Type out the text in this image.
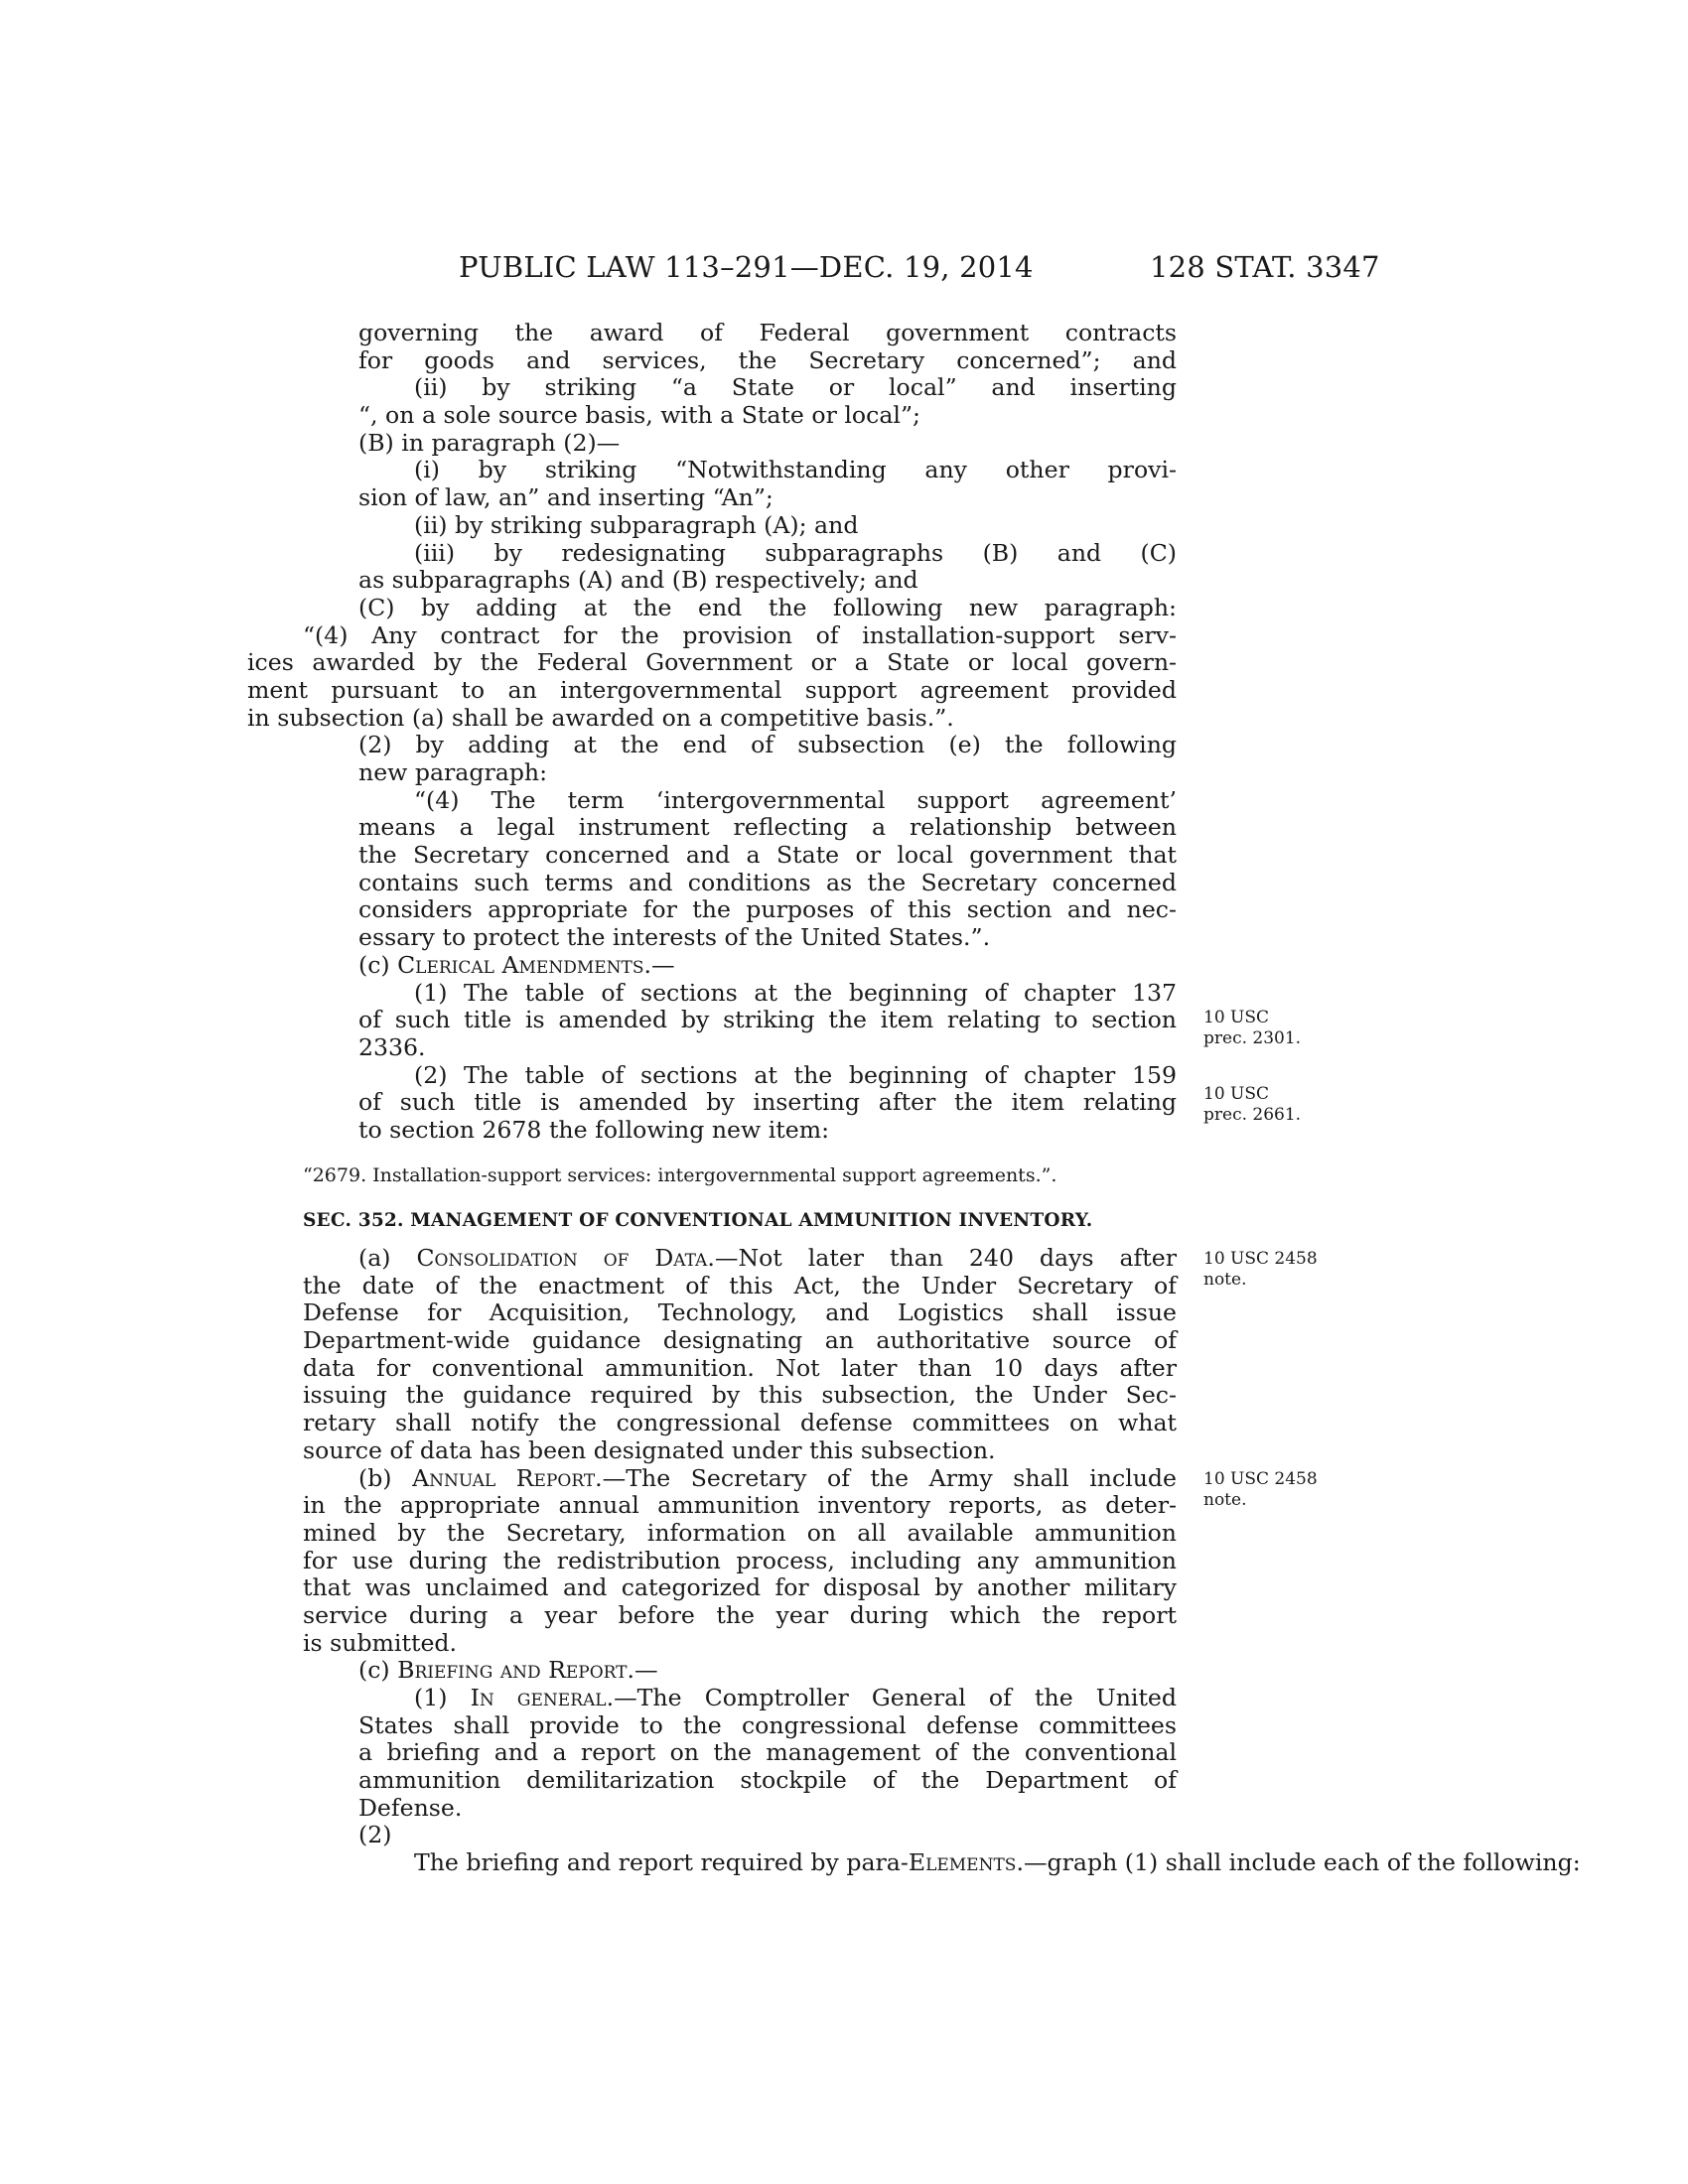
PUBLIC LAW 113–291—DEC. 19, 2014	128 STAT. 3347
governing the award of Federal government contracts
for goods and services, the Secretary concerned”; and
(ii) by striking “a State or local” and inserting
“, on a sole source basis, with a State or local”;
(B) in paragraph (2)—
(i) by striking “Notwithstanding any other provi-
sion of law, an” and inserting “An”;
(ii) by striking subparagraph (A); and
(iii) by redesignating subparagraphs (B) and (C)
as subparagraphs (A) and (B) respectively; and
(C) by adding at the end the following new paragraph:
“(4) Any contract for the provision of installation-support serv-
ices awarded by the Federal Government or a State or local govern-
ment pursuant to an intergovernmental support agreement provided
in subsection (a) shall be awarded on a competitive basis.”.
(2) by adding at the end of subsection (e) the following
new paragraph:
“(4) The term ‘intergovernmental support agreement’
means a legal instrument reflecting a relationship between
the Secretary concerned and a State or local government that
contains such terms and conditions as the Secretary concerned
considers appropriate for the purposes of this section and nec-
essary to protect the interests of the United States.”.
(c) Clerical Amendments.—
(1) The table of sections at the beginning of chapter 137
of such title is amended by striking the item relating to section
2336.
(2) The table of sections at the beginning of chapter 159
of such title is amended by inserting after the item relating
to section 2678 the following new item:
“2679. Installation-support services: intergovernmental support agreements.”.
SEC. 352. MANAGEMENT OF CONVENTIONAL AMMUNITION INVENTORY.
(a) Consolidation of Data.—Not later than 240 days after
the date of the enactment of this Act, the Under Secretary of
Defense for Acquisition, Technology, and Logistics shall issue
Department-wide guidance designating an authoritative source of
data for conventional ammunition. Not later than 10 days after
issuing the guidance required by this subsection, the Under Sec-
retary shall notify the congressional defense committees on what
source of data has been designated under this subsection.
(b) Annual Report.—The Secretary of the Army shall include
in the appropriate annual ammunition inventory reports, as deter-
mined by the Secretary, information on all available ammunition
for use during the redistribution process, including any ammunition
that was unclaimed and categorized for disposal by another military
service during a year before the year during which the report
is submitted.
(c) Briefing and Report.—
(1) In general.—The Comptroller General of the United
States shall provide to the congressional defense committees
a briefing and a report on the management of the conventional
ammunition demilitarization stockpile of the Department of
Defense.
(2)
The briefing and report required by para-Elements.—graph (1) shall include each of the following:
10 USC
prec. 2301.
10 USC
prec. 2661.
10 USC 2458
note.
10 USC 2458
note.
